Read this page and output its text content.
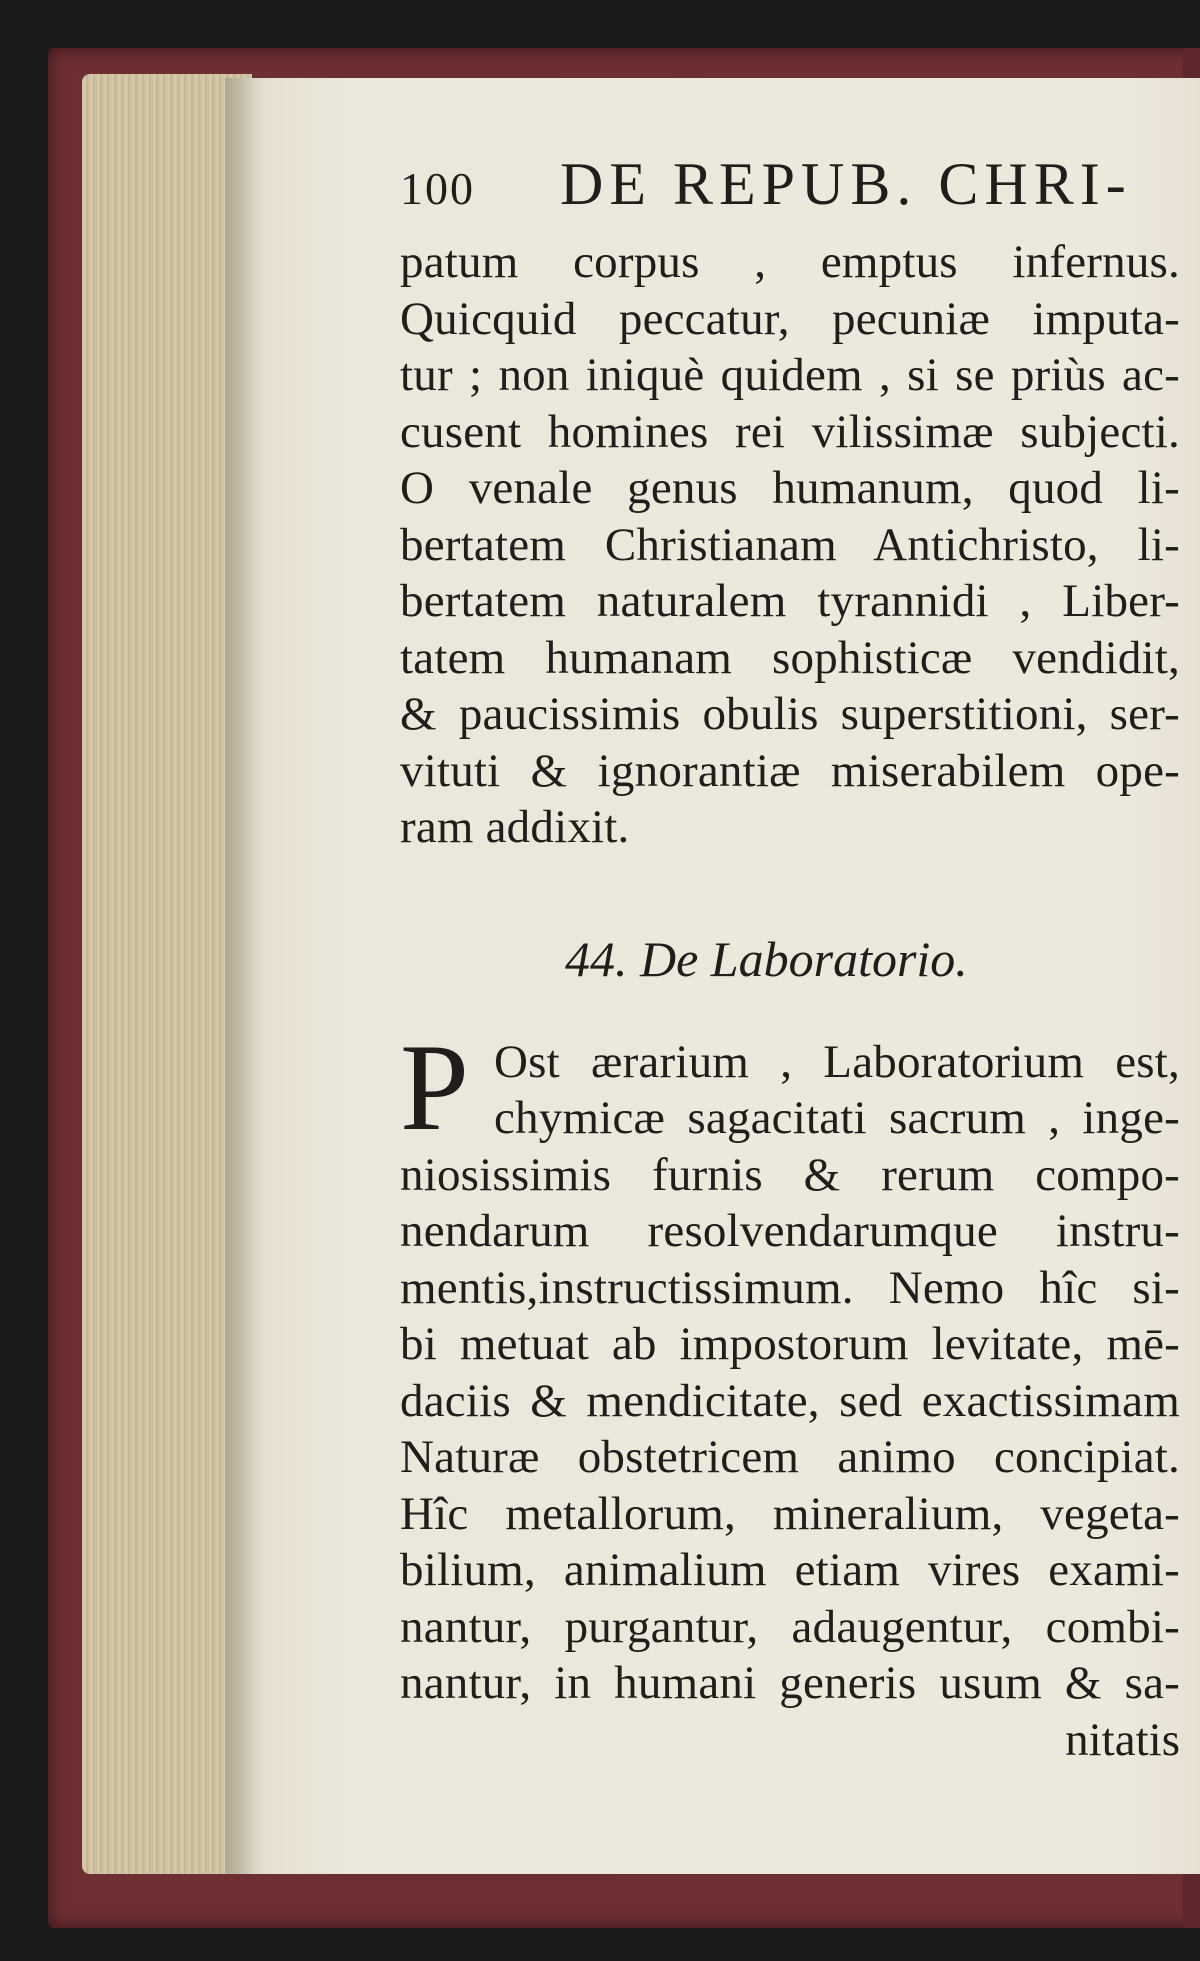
100	DE REPUB. CHRI-
patum corpus , emptus infernus.
Quicquid peccatur, pecuniæ imputa-
tur ; non iniquè quidem , si se priùs ac-
cusent homines rei vilissimæ subjecti.
O venale genus humanum, quod li-
bertatem Christianam Antichristo, li-
bertatem naturalem tyrannidi , Liber-
tatem humanam sophisticæ vendidit,
& paucissimis obulis superstitioni, ser-
vituti & ignorantiæ miserabilem ope-
ram addixit.
44. De Laboratorio.
P Ost ærarium , Laboratorium est,
chymicæ sagacitati sacrum , inge-
niosissimis furnis & rerum compo-
nendarum resolvendarumque instru-
mentis,instructissimum. Nemo hîc si-
bi metuat ab impostorum levitate, mē-
daciis & mendicitate, sed exactissimam
Naturæ obstetricem animo concipiat.
Hîc metallorum, mineralium, vegeta-
bilium, animalium etiam vires exami-
nantur, purgantur, adaugentur, combi-
nantur, in humani generis usum & sa-
nitatis
